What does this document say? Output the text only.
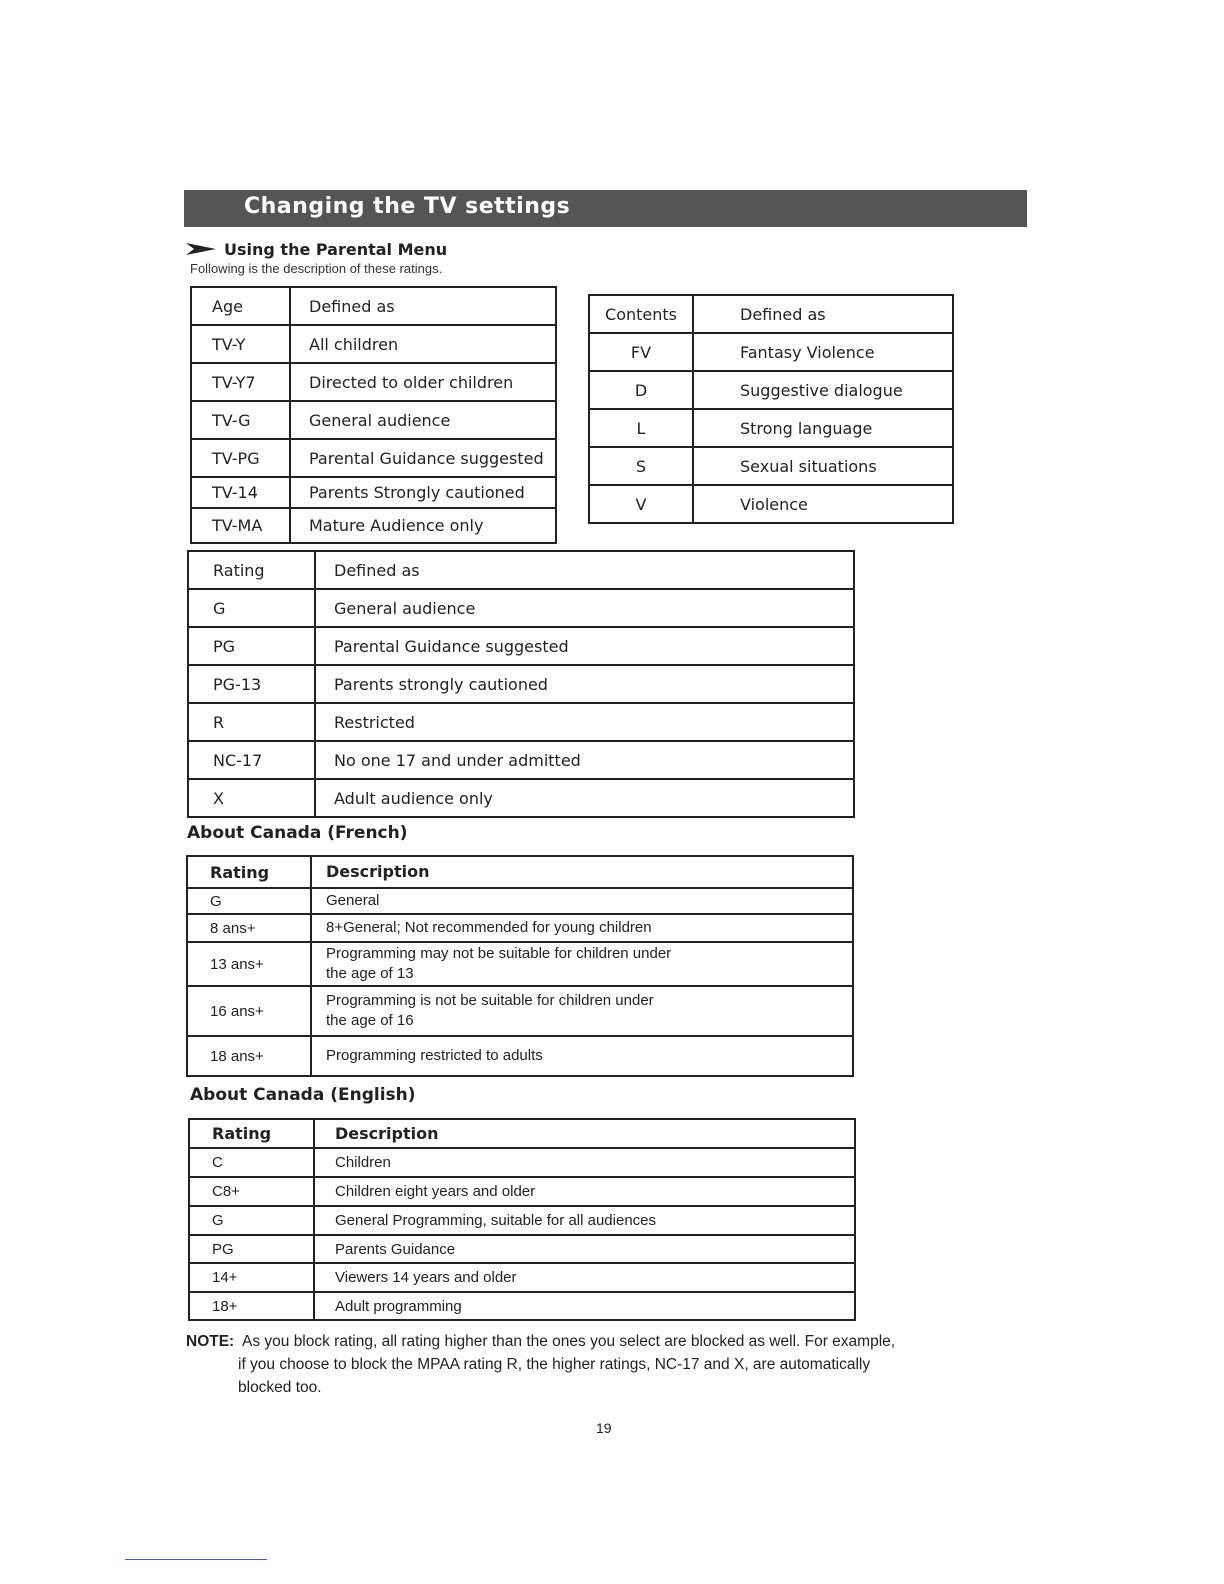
Changing the TV settings
Using the Parental Menu
Following is the description of these ratings.
Age	Defined as
TV-Y	All children
TV-Y7	Directed to older children
TV-G	General audience
TV-PG	Parental Guidance suggested
TV-14	Parents Strongly cautioned
TV-MA	Mature Audience only
Contents	Defined as
FV	Fantasy Violence
D	Suggestive dialogue
L	Strong language
S	Sexual situations
V	Violence
Rating	Defined as
G	General audience
PG	Parental Guidance suggested
PG-13	Parents strongly cautioned
R	Restricted
NC-17	No one 17 and under admitted
X	Adult audience only
About Canada (French)
Rating	Description
G	General
8 ans+	8+General; Not recommended for young children
13 ans+	Programming may not be suitable for children under
the age of 13

16 ans+	Programming is not be suitable for children under
the age of 16

18 ans+	Programming restricted to adults
About Canada (English)
Rating	Description
C	Children
C8+	Children eight years and older
G	General Programming, suitable for all audiences
PG	Parents Guidance
14+	Viewers 14 years and older
18+	Adult programming
NOTE: As you block rating, all rating higher than the ones you select are blocked as well. For example, if you choose to block the MPAA rating R, the higher ratings, NC-17 and X, are automatically blocked too.
19
